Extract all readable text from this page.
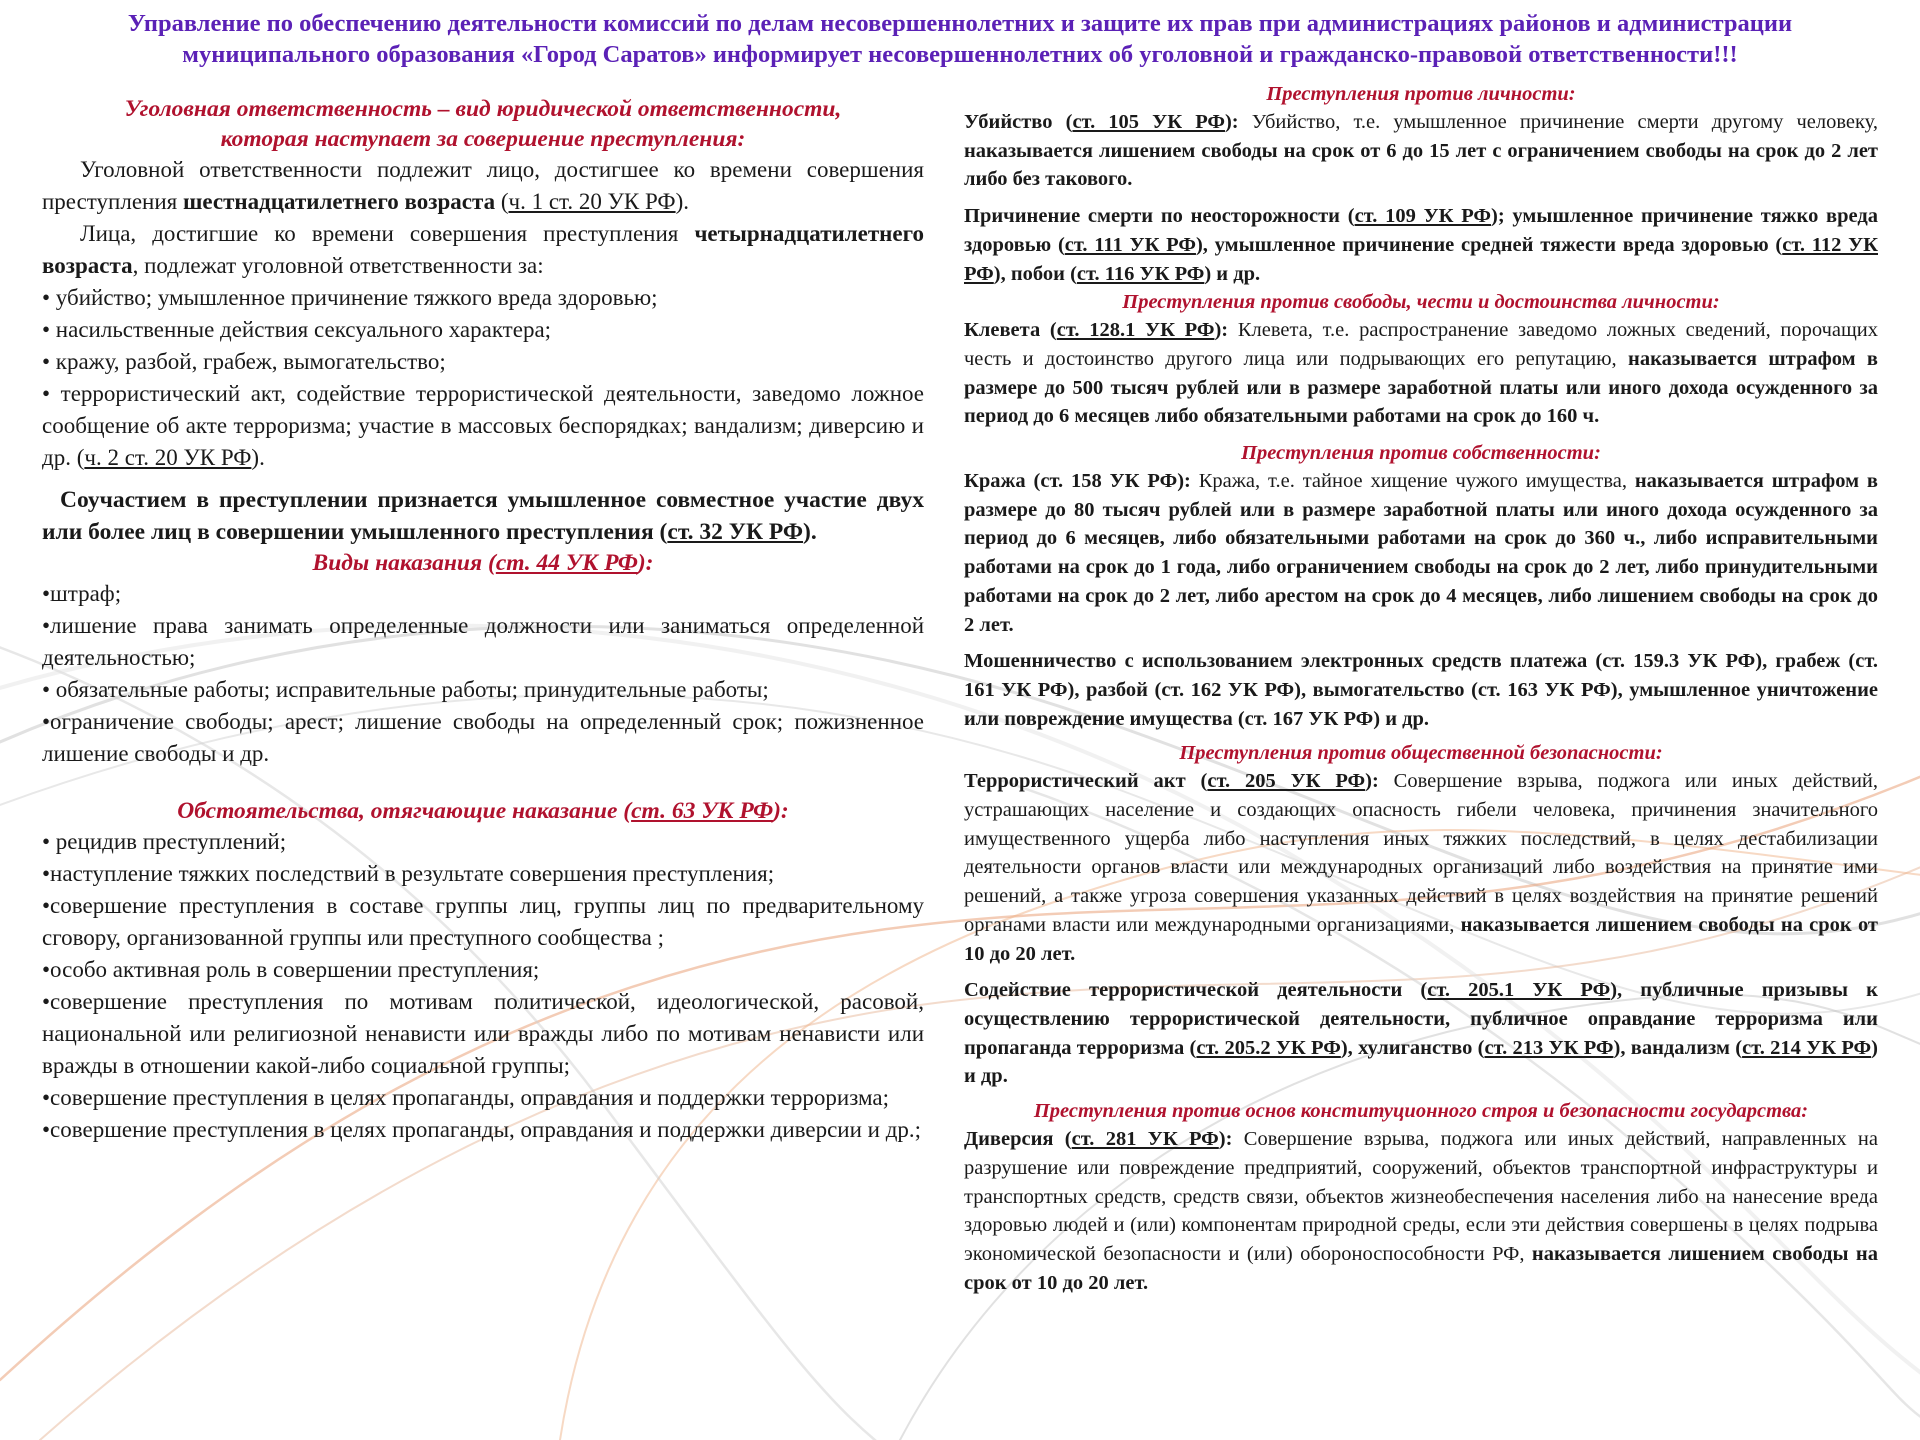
Управление по обеспечению деятельности комиссий по делам несовершеннолетних и защите их прав при администрациях районов и администрации
муниципального образования «Город Саратов» информирует несовершеннолетних об уголовной и гражданско-правовой ответственности!!!
Уголовная ответственность – вид юридической ответственности,
которая наступает за совершение преступления:

Уголовной ответственности подлежит лицо, достигшее ко времени совершения преступления шестнадцатилетнего возраста (ч. 1 ст. 20 УК РФ).

Лица, достигшие ко времени совершения преступления четырнадцатилетнего возраста, подлежат уголовной ответственности за:

• убийство; умышленное причинение тяжкого вреда здоровью;

• насильственные действия сексуального характера;

• кражу, разбой, грабеж, вымогательство;

• террористический акт, содействие террористической деятельности, заведомо ложное сообщение об акте терроризма; участие в массовых беспорядках; вандализм; диверсию и др. (ч. 2 ст. 20 УК РФ).

Соучастием в преступлении признается умышленное совместное участие двух или более лиц в совершении умышленного преступления (ст. 32 УК РФ).

Виды наказания (ст. 44 УК РФ):

•штраф;

•лишение права занимать определенные должности или заниматься определенной деятельностью;

• обязательные работы; исправительные работы; принудительные работы;

•ограничение свободы; арест; лишение свободы на определенный срок; пожизненное лишение свободы и др.

Обстоятельства, отягчающие наказание (ст. 63 УК РФ):

• рецидив преступлений;

•наступление тяжких последствий в результате совершения преступления;

•совершение преступления в составе группы лиц, группы лиц по предварительному сговору, организованной группы или преступного сообщества ;

•особо активная роль в совершении преступления;

•совершение преступления по мотивам политической, идеологической, расовой, национальной или религиозной ненависти или вражды либо по мотивам ненависти или вражды в отношении какой-либо социальной группы;

•совершение преступления в целях пропаганды, оправдания и поддержки терроризма;

•совершение преступления в целях пропаганды, оправдания и поддержки диверсии и др.;

Преступления против личности:

Убийство (ст. 105 УК РФ): Убийство, т.е. умышленное причинение смерти другому человеку, наказывается лишением свободы на срок от 6 до 15 лет с ограничением свободы на срок до 2 лет либо без такового.

Причинение смерти по неосторожности (ст. 109 УК РФ); умышленное причинение тяжко вреда здоровью (ст. 111 УК РФ), умышленное причинение средней тяжести вреда здоровью (ст. 112 УК РФ), побои (ст. 116 УК РФ) и др.

Преступления против свободы, чести и достоинства личности:

Клевета (ст. 128.1 УК РФ): Клевета, т.е. распространение заведомо ложных сведений, порочащих честь и достоинство другого лица или подрывающих его репутацию, наказывается штрафом в размере до 500 тысяч рублей или в размере заработной платы или иного дохода осужденного за период до 6 месяцев либо обязательными работами на срок до 160 ч.

Преступления против собственности:

Кража (ст. 158 УК РФ): Кража, т.е. тайное хищение чужого имущества, наказывается штрафом в размере до 80 тысяч рублей или в размере заработной платы или иного дохода осужденного за период до 6 месяцев, либо обязательными работами на срок до 360 ч., либо исправительными работами на срок до 1 года, либо ограничением свободы на срок до 2 лет, либо принудительными работами на срок до 2 лет, либо арестом на срок до 4 месяцев, либо лишением свободы на срок до 2 лет.

Мошенничество с использованием электронных средств платежа (ст. 159.3 УК РФ), грабеж (ст. 161 УК РФ), разбой (ст. 162 УК РФ), вымогательство (ст. 163 УК РФ), умышленное уничтожение или повреждение имущества (ст. 167 УК РФ) и др.

Преступления против общественной безопасности:

Террористический акт (ст. 205 УК РФ): Совершение взрыва, поджога или иных действий, устрашающих население и создающих опасность гибели человека, причинения значительного имущественного ущерба либо наступления иных тяжких последствий, в целях дестабилизации деятельности органов власти или международных организаций либо воздействия на принятие ими решений, а также угроза совершения указанных действий в целях воздействия на принятие решений органами власти или международными организациями, наказывается лишением свободы на срок от 10 до 20 лет.

Содействие террористической деятельности (ст. 205.1 УК РФ), публичные призывы к осуществлению террористической деятельности, публичное оправдание терроризма или пропаганда терроризма (ст. 205.2 УК РФ), хулиганство (ст. 213 УК РФ), вандализм (ст. 214 УК РФ) и др.

Преступления против основ конституционного строя и безопасности государства:

Диверсия (ст. 281 УК РФ): Совершение взрыва, поджога или иных действий, направленных на разрушение или повреждение предприятий, сооружений, объектов транспортной инфраструктуры и транспортных средств, средств связи, объектов жизнеобеспечения населения либо на нанесение вреда здоровью людей и (или) компонентам природной среды, если эти действия совершены в целях подрыва экономической безопасности и (или) обороноспособности РФ, наказывается лишением свободы на срок от 10 до 20 лет.
